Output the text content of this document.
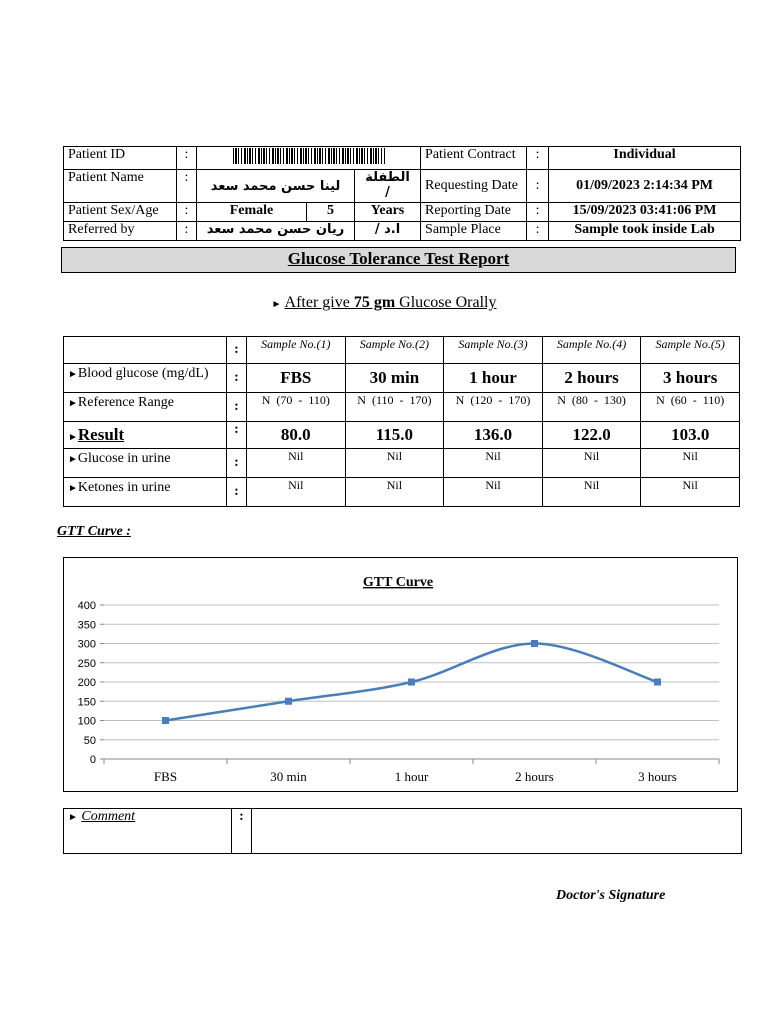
Patient ID	:				Patient Contract	:	Individual
Patient Name	:	لينا حسن محمد سعد		الطفلة
/	Requesting Date	:	01/09/2023 2:14:34 PM
Patient Sex/Age	:	Female	5	Years	Reporting Date	:	15/09/2023 03:41:06 PM
Referred by	:	ريان حسن محمد سعد		ا.د /	Sample Place	:	Sample took inside Lab
Glucose Tolerance Test Report
► After give 75 gm Glucose Orally
	:	Sample No.(1)	Sample No.(2)	Sample No.(3)	Sample No.(4)	Sample No.(5)
►Blood glucose (mg/dL)	:	FBS	30 min	1 hour	2 hours	3 hours
►Reference Range	:	N  (70  -  110)	N  (110  -  170)	N  (120  -  170)	N  (80  -  130)	N  (60  -  110)
►Result	:	80.0	115.0	136.0	122.0	103.0
►Glucose in urine	:	Nil	Nil	Nil	Nil	Nil
►Ketones in urine	:	Nil	Nil	Nil	Nil	Nil
GTT Curve :
GTT Curve
0
50
100
150
200
250
300
350
400
FBS	30 min	1 hour	2 hours	3 hours
► Comment	:	
Doctor's Signature
